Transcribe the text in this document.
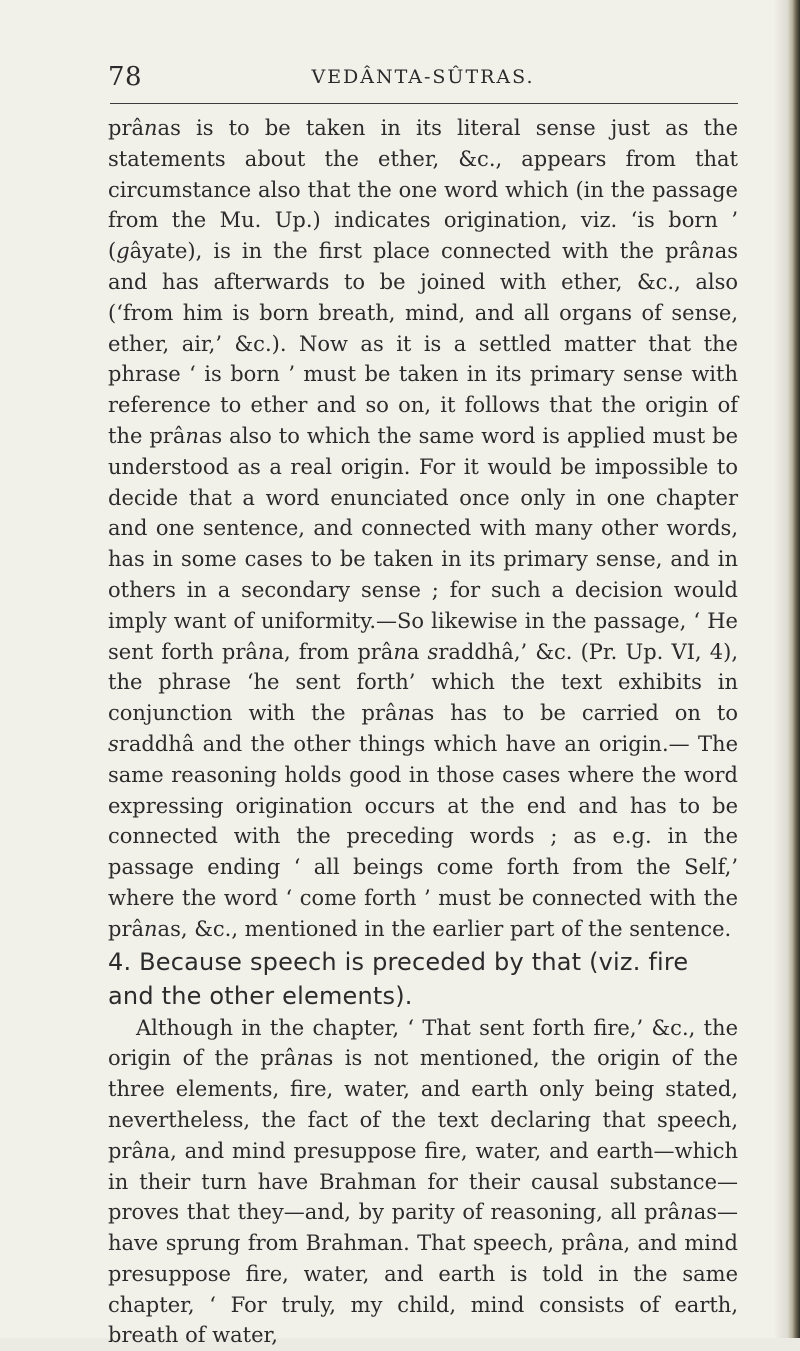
78	VEDÂNTA-SÛTRAS.

prânas is to be taken in its literal sense just as the statements about the ether, &c., appears from that circumstance also that the one word which (in the passage from the Mu. Up.) indicates origination, viz. ‘is born ’ (gâyate), is in the first place connected with the prânas and has afterwards to be joined with ether, &c., also (‘from him is born breath, mind, and all organs of sense, ether, air,’ &c.). Now as it is a settled matter that the phrase ‘ is born ’ must be taken in its primary sense with reference to ether and so on, it follows that the origin of the prânas also to which the same word is applied must be understood as a real origin. For it would be impossible to decide that a word enunciated once only in one chapter and one sentence, and connected with many other words, has in some cases to be taken in its primary sense, and in others in a secondary sense ; for such a decision would imply want of uniformity.—So likewise in the passage, ‘ He sent forth prâna, from prâna sraddhâ,’ &c. (Pr. Up. VI, 4), the phrase ‘he sent forth’ which the text exhibits in conjunction with the prânas has to be carried on to sraddhâ and the other things which have an origin.— The same reasoning holds good in those cases where the word expressing origination occurs at the end and has to be connected with the preceding words ; as e.g. in the passage ending ‘ all beings come forth from the Self,’ where the word ‘ come forth ’ must be connected with the prânas, &c., mentioned in the earlier part of the sentence.

4. Because speech is preceded by that (viz. fire and the other elements).

Although in the chapter, ‘ That sent forth fire,’ &c., the origin of the prânas is not mentioned, the origin of the three elements, fire, water, and earth only being stated, nevertheless, the fact of the text declaring that speech, prâna, and mind presuppose fire, water, and earth—which in their turn have Brahman for their causal substance—proves that they—and, by parity of reasoning, all prânas—have sprung from Brahman. That speech, prâna, and mind presuppose fire, water, and earth is told in the same chapter, ‘ For truly, my child, mind consists of earth, breath of water,
